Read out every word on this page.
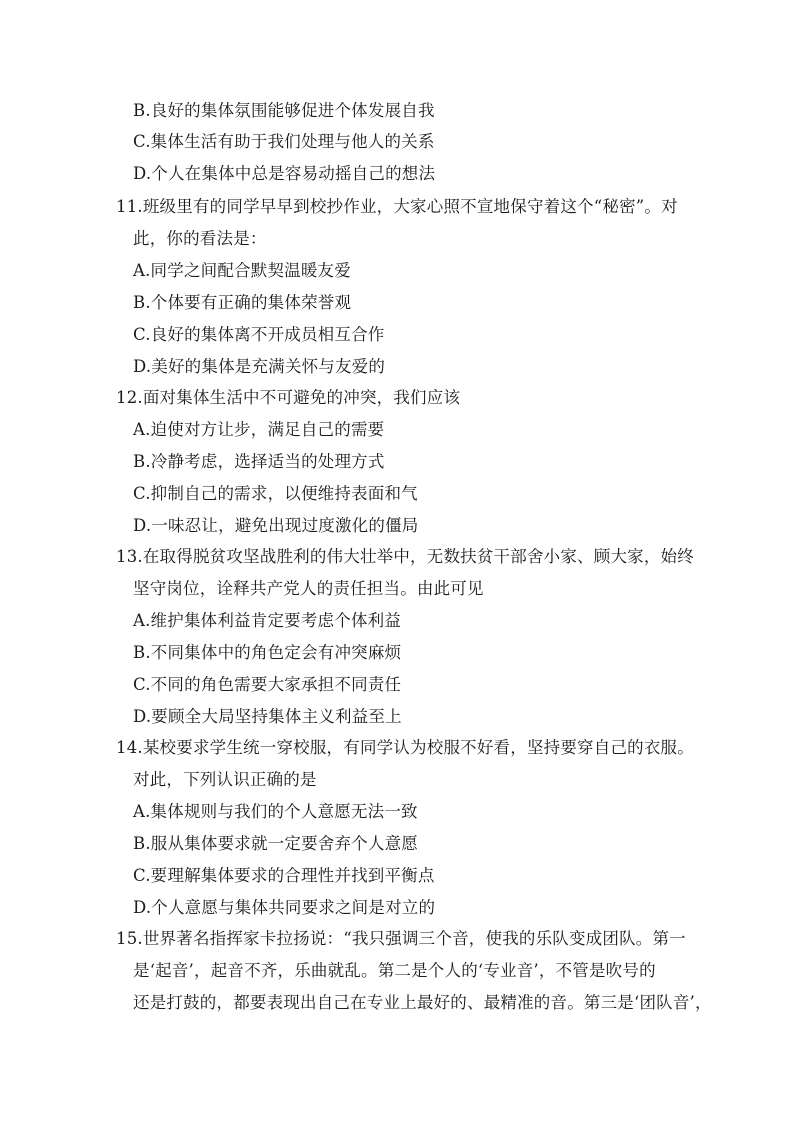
B.良好的集体氛围能够促进个体发展自我
C.集体生活有助于我们处理与他人的关系
D.个人在集体中总是容易动摇自己的想法
11.班级里有的同学早早到校抄作业，大家心照不宣地保守着这个“秘密”。对
此，你的看法是：
A.同学之间配合默契温暖友爱
B.个体要有正确的集体荣誉观
C.良好的集体离不开成员相互合作
D.美好的集体是充满关怀与友爱的
12.面对集体生活中不可避免的冲突，我们应该
A.迫使对方让步，满足自己的需要
B.冷静考虑，选择适当的处理方式
C.抑制自己的需求，以便维持表面和气
D.一味忍让，避免出现过度激化的僵局
13.在取得脱贫攻坚战胜利的伟大壮举中，无数扶贫干部舍小家、顾大家，始终
坚守岗位，诠释共产党人的责任担当。由此可见
A.维护集体利益肯定要考虑个体利益
B.不同集体中的角色定会有冲突麻烦
C.不同的角色需要大家承担不同责任
D.要顾全大局坚持集体主义利益至上
14.某校要求学生统一穿校服，有同学认为校服不好看，坚持要穿自己的衣服。
对此，下列认识正确的是
A.集体规则与我们的个人意愿无法一致
B.服从集体要求就一定要舍弃个人意愿
C.要理解集体要求的合理性并找到平衡点
D.个人意愿与集体共同要求之间是对立的
15.世界著名指挥家卡拉扬说：“我只强调三个音，使我的乐队变成团队。第一
是‘起音’，起音不齐，乐曲就乱。第二是个人的‘专业音’，不管是吹号的
还是打鼓的，都要表现出自己在专业上最好的、最精准的音。第三是‘团队音’，
